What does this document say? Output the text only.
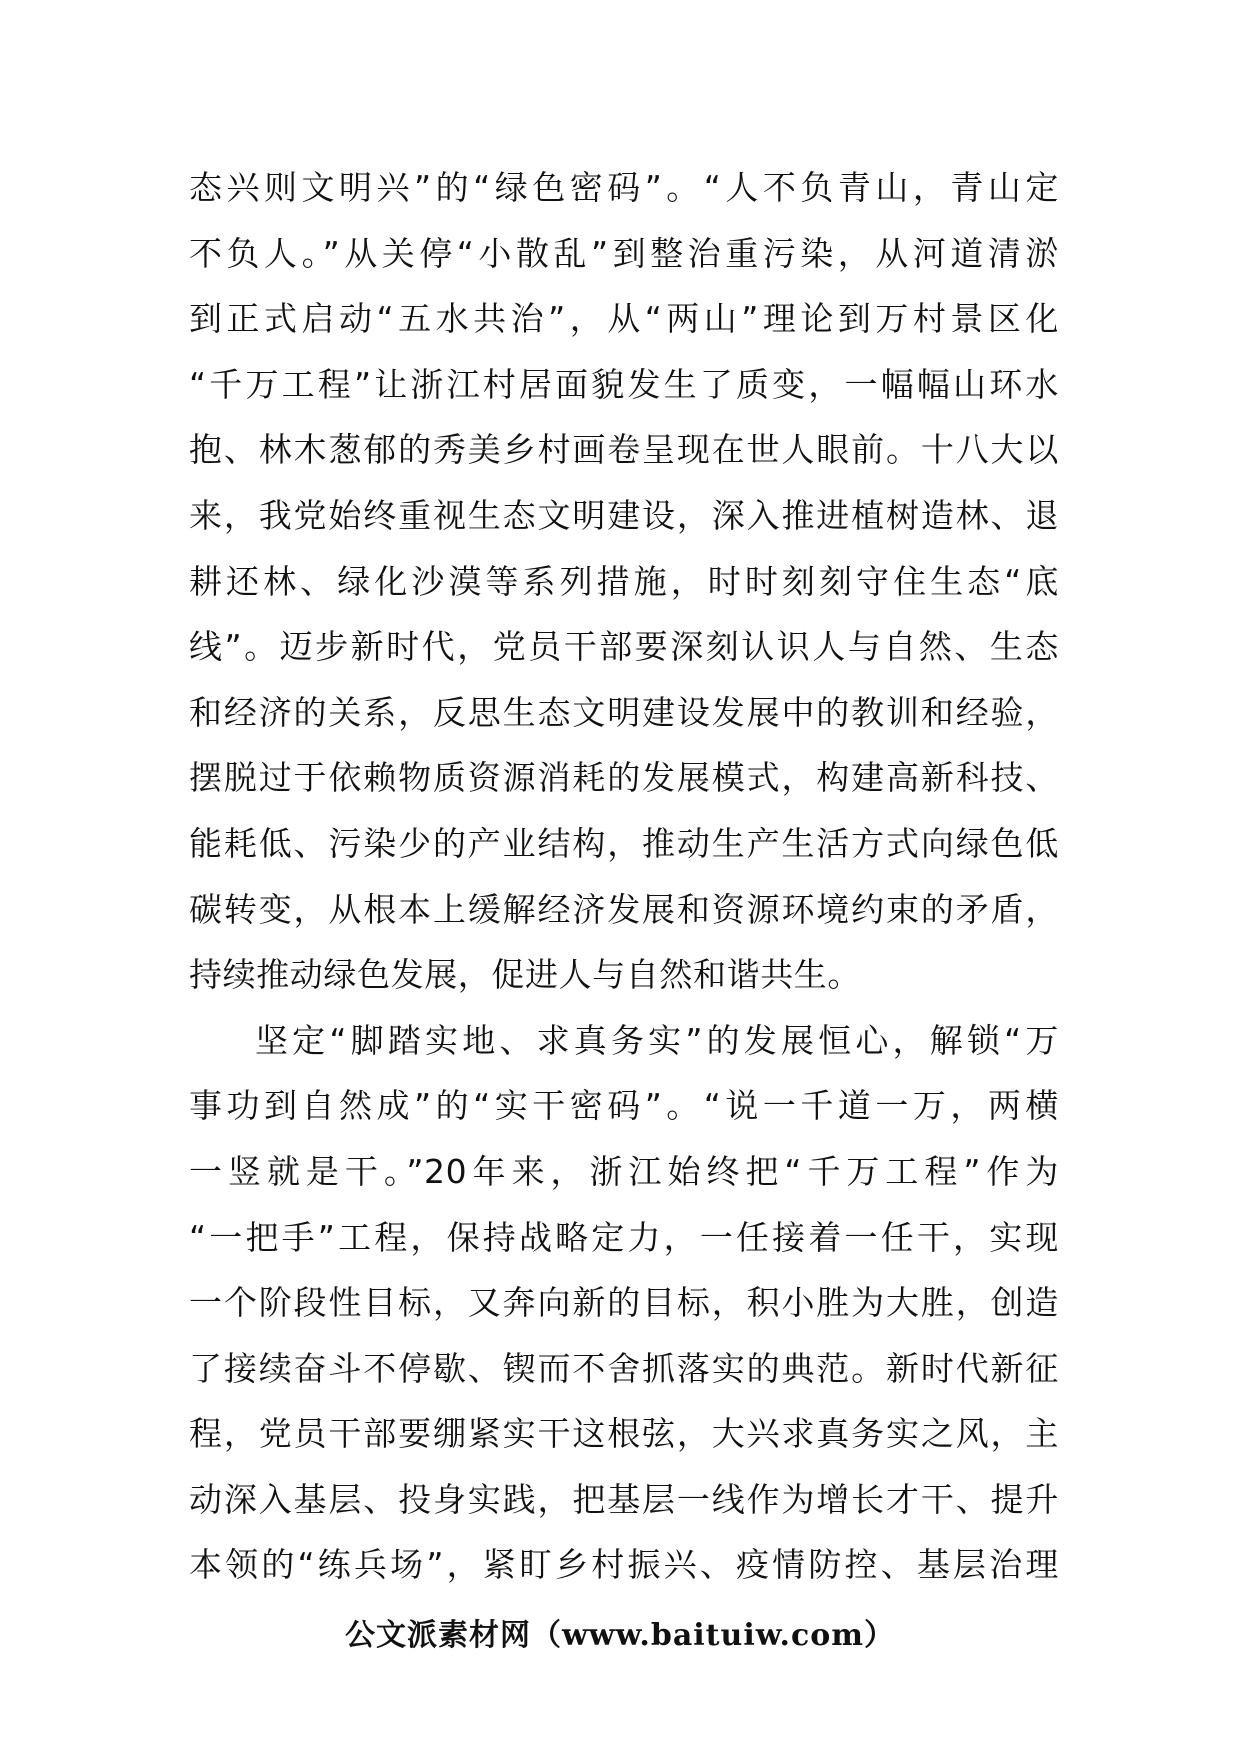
态兴则文明兴”的“绿色密码”。“人不负青山，青山定
不负人。”从关停“小散乱”到整治重污染，从河道清淤
到正式启动“五水共治”，从“两山”理论到万村景区化
“千万工程”让浙江村居面貌发生了质变，一幅幅山环水
抱、林木葱郁的秀美乡村画卷呈现在世人眼前。十八大以
来，我党始终重视生态文明建设，深入推进植树造林、退
耕还林、绿化沙漠等系列措施，时时刻刻守住生态“底
线”。迈步新时代，党员干部要深刻认识人与自然、生态
和经济的关系，反思生态文明建设发展中的教训和经验，
摆脱过于依赖物质资源消耗的发展模式，构建高新科技、
能耗低、污染少的产业结构，推动生产生活方式向绿色低
碳转变，从根本上缓解经济发展和资源环境约束的矛盾，
持续推动绿色发展，促进人与自然和谐共生。
坚定“脚踏实地、求真务实”的发展恒心，解锁“万
事功到自然成”的“实干密码”。“说一千道一万，两横
一竖就是干。”20年来，浙江始终把“千万工程”作为
“一把手”工程，保持战略定力，一任接着一任干，实现
一个阶段性目标，又奔向新的目标，积小胜为大胜，创造
了接续奋斗不停歇、锲而不舍抓落实的典范。新时代新征
程，党员干部要绷紧实干这根弦，大兴求真务实之风，主
动深入基层、投身实践，把基层一线作为增长才干、提升
本领的“练兵场”，紧盯乡村振兴、疫情防控、基层治理
公文派素材网（www.baituiw.com）
